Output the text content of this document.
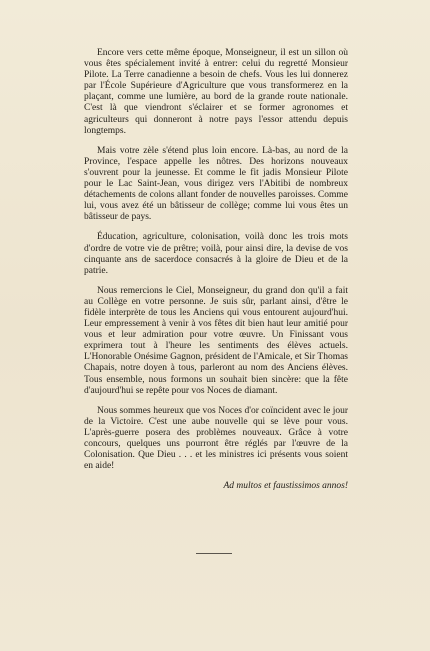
Encore vers cette même époque, Monseigneur, il est un sillon où vous êtes spécialement invité à entrer: celui du regretté Monsieur Pilote. La Terre canadienne a besoin de chefs. Vous les lui donnerez par l'École Supérieure d'Agriculture que vous transformerez en la plaçant, comme une lumière, au bord de la grande route nationale. C'est là que viendront s'éclairer et se former agronomes et agriculteurs qui donneront à notre pays l'essor attendu depuis longtemps.

Mais votre zèle s'étend plus loin encore. Là-bas, au nord de la Province, l'espace appelle les nôtres. Des horizons nouveaux s'ouvrent pour la jeunesse. Et comme le fit jadis Monsieur Pilote pour le Lac Saint-Jean, vous dirigez vers l'Abitibi de nombreux détachements de colons allant fonder de nouvelles paroisses. Comme lui, vous avez été un bâtisseur de collège; comme lui vous êtes un bâtisseur de pays.

Éducation, agriculture, colonisation, voilà donc les trois mots d'ordre de votre vie de prêtre; voilà, pour ainsi dire, la devise de vos cinquante ans de sacerdoce consacrés à la gloire de Dieu et de la patrie.

Nous remercions le Ciel, Monseigneur, du grand don qu'il a fait au Collège en votre personne. Je suis sûr, parlant ainsi, d'être le fidèle interprète de tous les Anciens qui vous entourent aujourd'hui. Leur empressement à venir à vos fêtes dit bien haut leur amitié pour vous et leur admiration pour votre œuvre. Un Finissant vous exprimera tout à l'heure les sentiments des élèves actuels. L'Honorable Onésime Gagnon, président de l'Amicale, et Sir Thomas Chapais, notre doyen à tous, parleront au nom des Anciens élèves. Tous ensemble, nous formons un souhait bien sincère: que la fête d'aujourd'hui se repête pour vos Noces de diamant.

Nous sommes heureux que vos Noces d'or coïncident avec le jour de la Victoire. C'est une aube nouvelle qui se lève pour vous. L'après-guerre posera des problèmes nouveaux. Grâce à votre concours, quelques uns pourront être réglés par l'œuvre de la Colonisation. Que Dieu . . . et les ministres ici présents vous soient en aide!

Ad multos et faustissimos annos!
